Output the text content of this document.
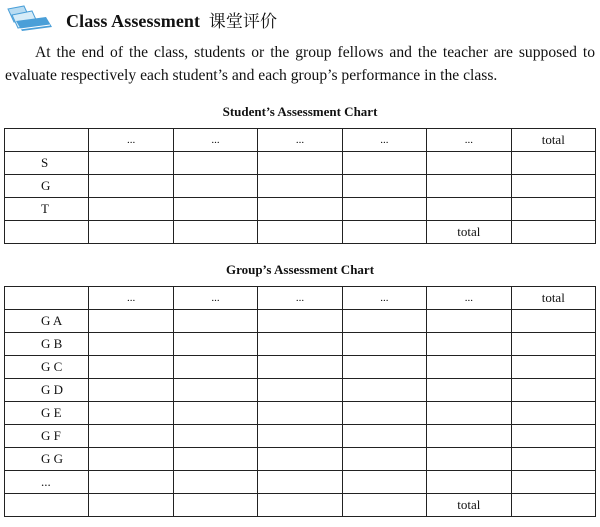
Class Assessment 课堂评价

At the end of the class, students or the group fellows and the teacher are supposed to evaluate respectively each student’s and each group’s performance in the class.

Student’s Assessment Chart
	...	...	...	...	...	total
S						
G						
T						
					total	
Group’s Assessment Chart
	...	...	...	...	...	total
G A						
G B						
G C						
G D						
G E						
G F						
G G						
...						
					total	
